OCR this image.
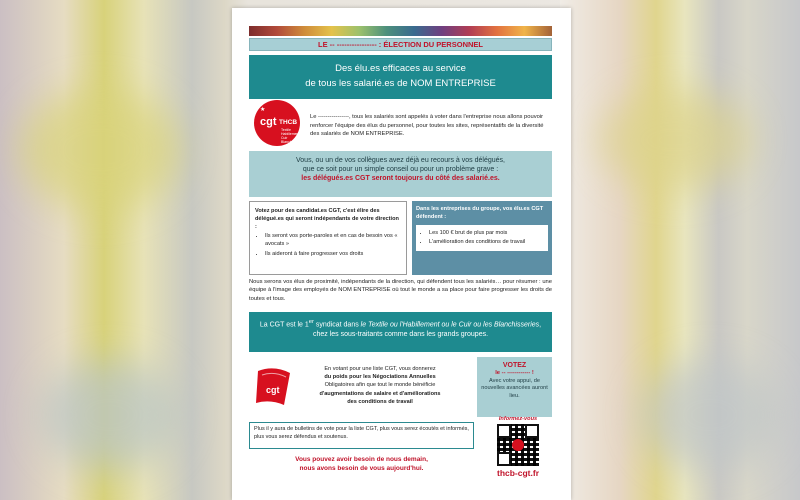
LE -- ---------------- : ÉLECTION DU PERSONNEL
Des élu.es efficaces au service
de tous les salarié.es de NOM ENTREPRISE
★
cgt THCB
Textile Habillement Cuir Blanchisseries
Le ----------------, tous les salariés sont appelés à voter dans l'entreprise nous allons pouvoir renforcer l'équipe des élus du personnel, pour toutes les sites, représentatifs de la diversité des salariés de NOM ENTREPRISE.
Vous, ou un de vos collègues avez déjà eu recours à vos délégués,
que ce soit pour un simple conseil ou pour un problème grave :
les délégués.es CGT seront toujours du côté des salarié.es.
Votez pour des candidat.es CGT, c'est élire des délégué.es qui seront indépendants de votre direction :
• Ils seront vos porte-paroles et en cas de besoin vos « avocats »
• Ils aideront à faire progresser vos droits
Dans les entreprises du groupe, vos élu.es CGT défendent :
• Les 100 € brut de plus par mois
• L'amélioration des conditions de travail
Nous serons vos élus de proximité, indépendants de la direction, qui défendent tous les salariés… pour résumer : une équipe à l'image des employés de NOM ENTREPRISE où tout le monde a sa place pour faire progresser les droits de toutes et tous.
La CGT est le 1er syndicat dans le Textile ou l'Habillement ou le Cuir ou les Blanchisseries, chez les sous-traitants comme dans les grands groupes.
cgt
En votant pour une liste CGT, vous donnerez
du poids pour les Négociations Annuelles
Obligatoires afin que tout le monde bénéficie
d'augmentations de salaire et d'améliorations
des conditions de travail
VOTEZ
le -- ------------ !
Avec votre appui, de nouvelles avancées auront lieu.
Plus il y aura de bulletins de vote pour la liste CGT, plus vous serez écoutés et informés, plus vous serez défendus et soutenus.
Vous pouvez avoir besoin de nous demain,
nous avons besoin de vous aujourd'hui.
Informez-vous
thcb-cgt.fr
